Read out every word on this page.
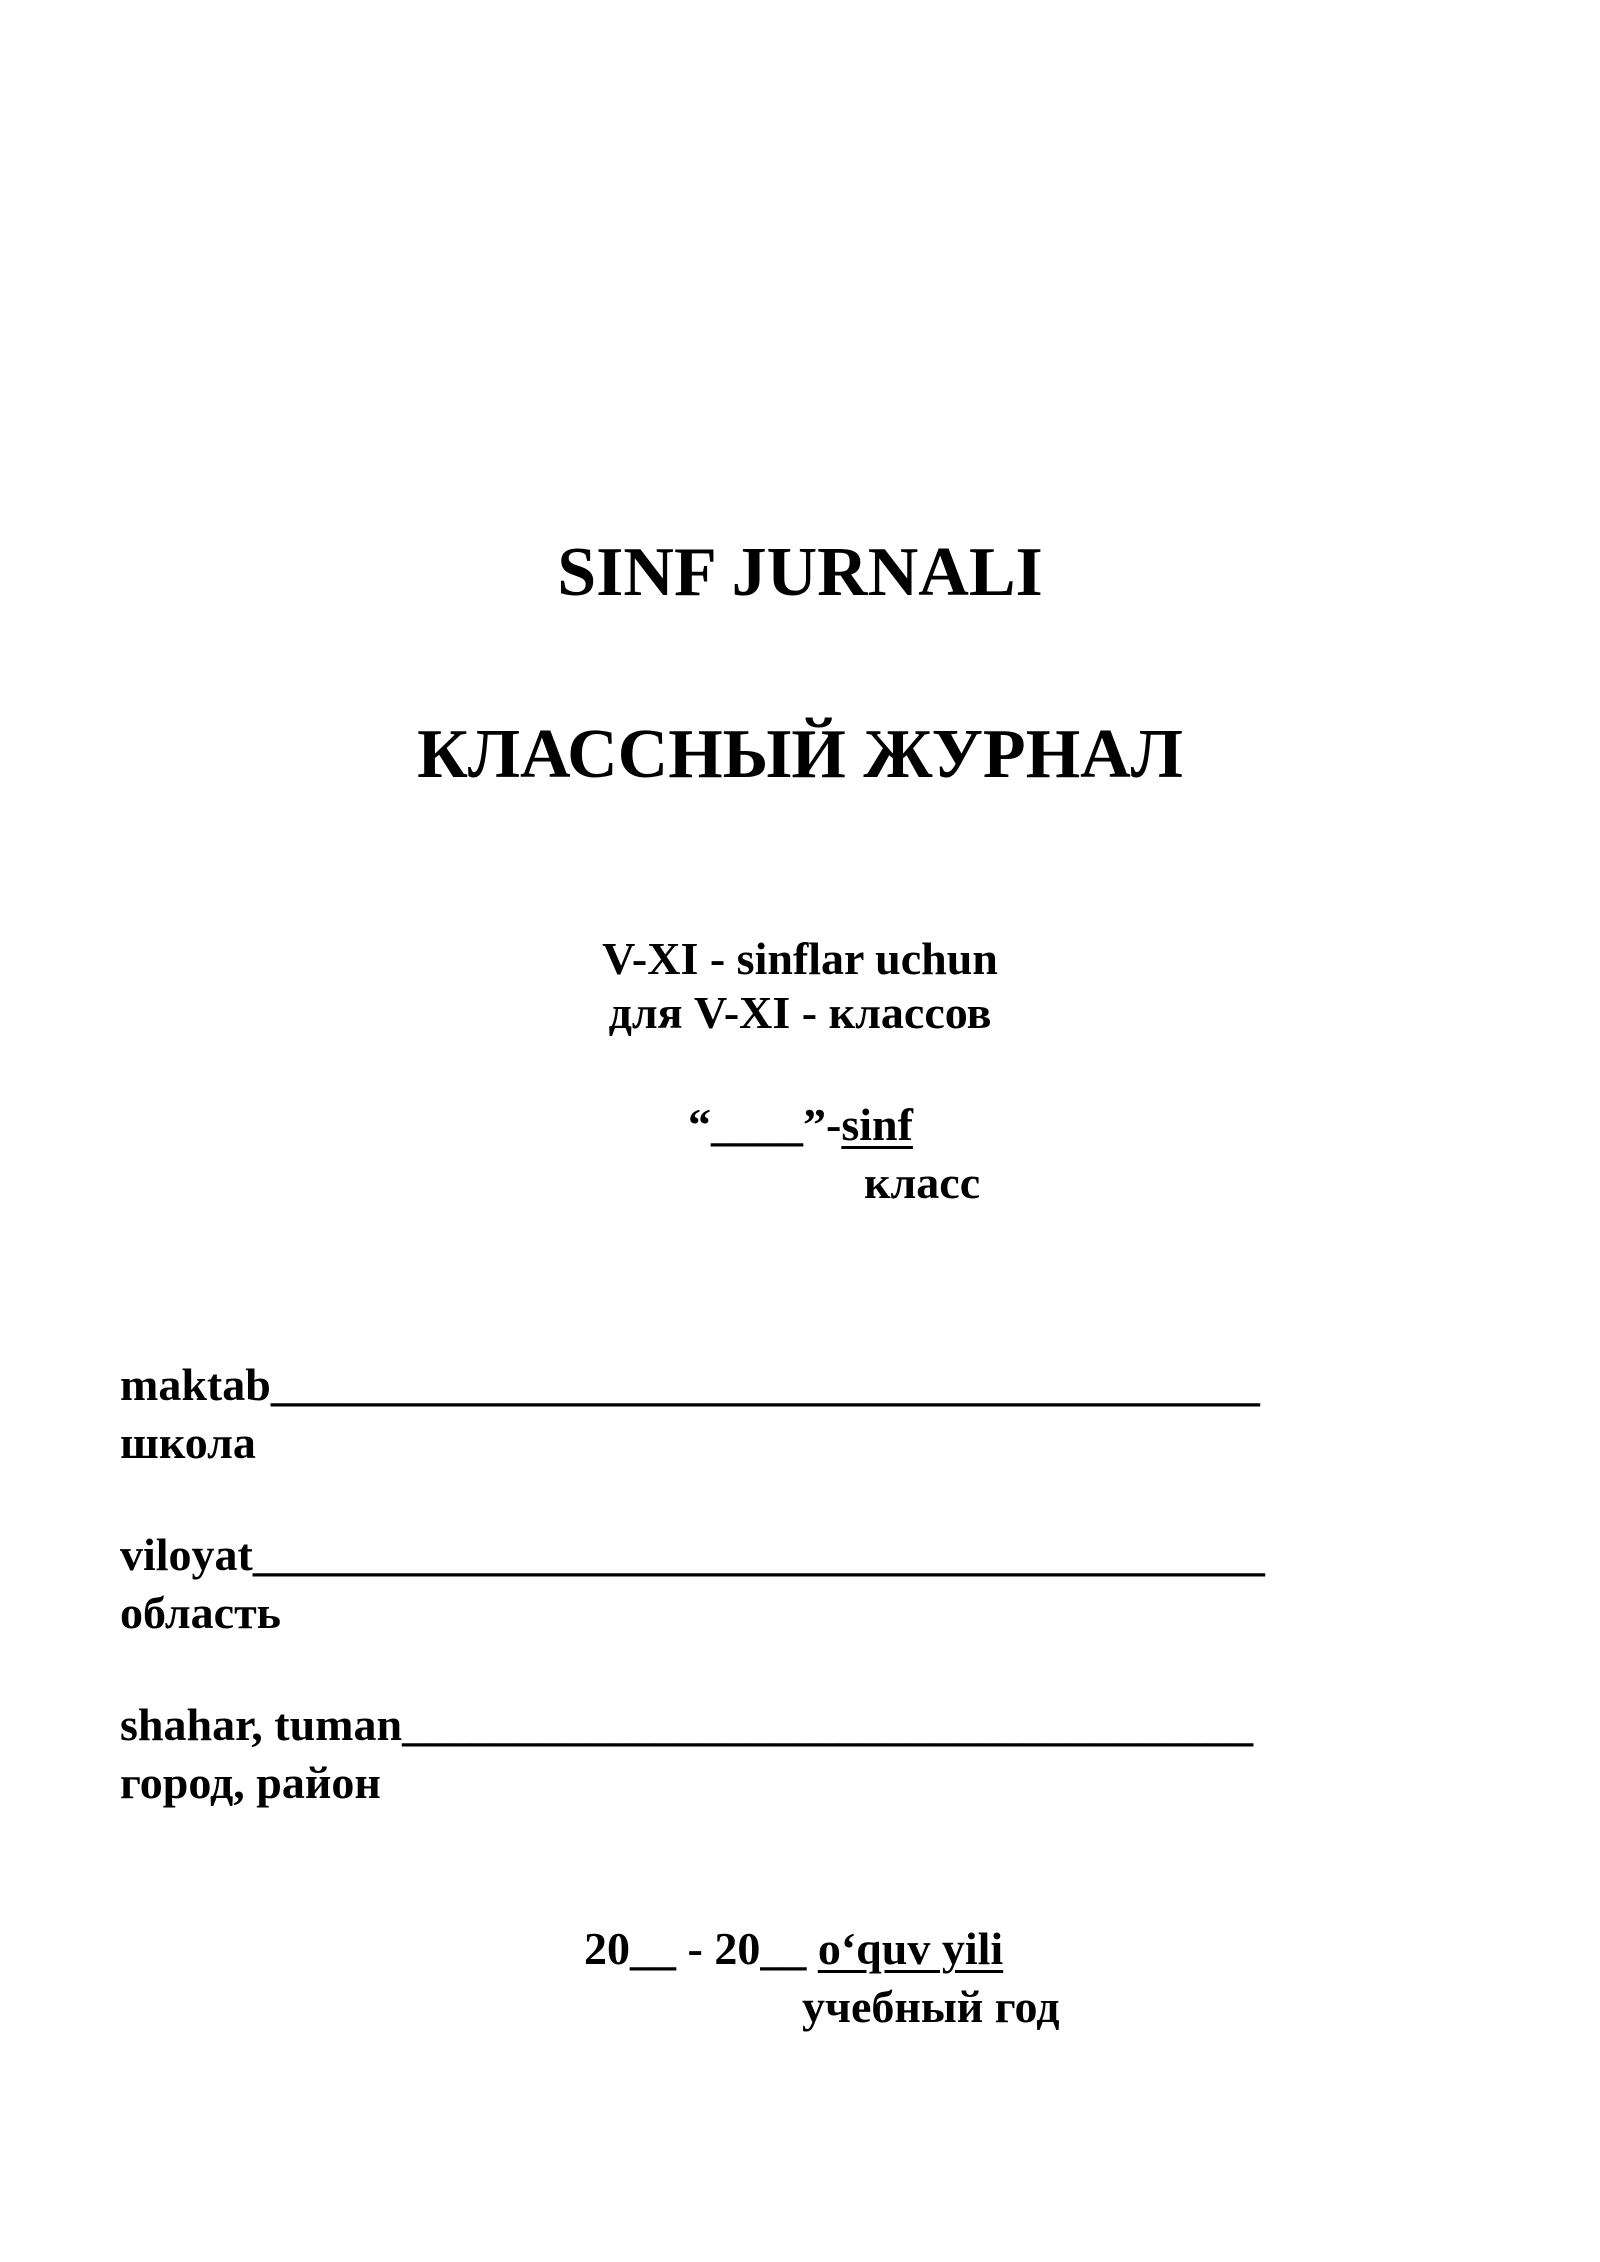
SINF JURNALI
КЛАССНЫЙ ЖУРНАЛ
V-XI - sinflar uchun
для V-XI - классов
“____”-sinf
класс
maktab___________________________________________
школа
viloyat____________________________________________
область
shahar, tuman_____________________________________
город, район
20__ - 20__ o‘quv yili
учебный год
